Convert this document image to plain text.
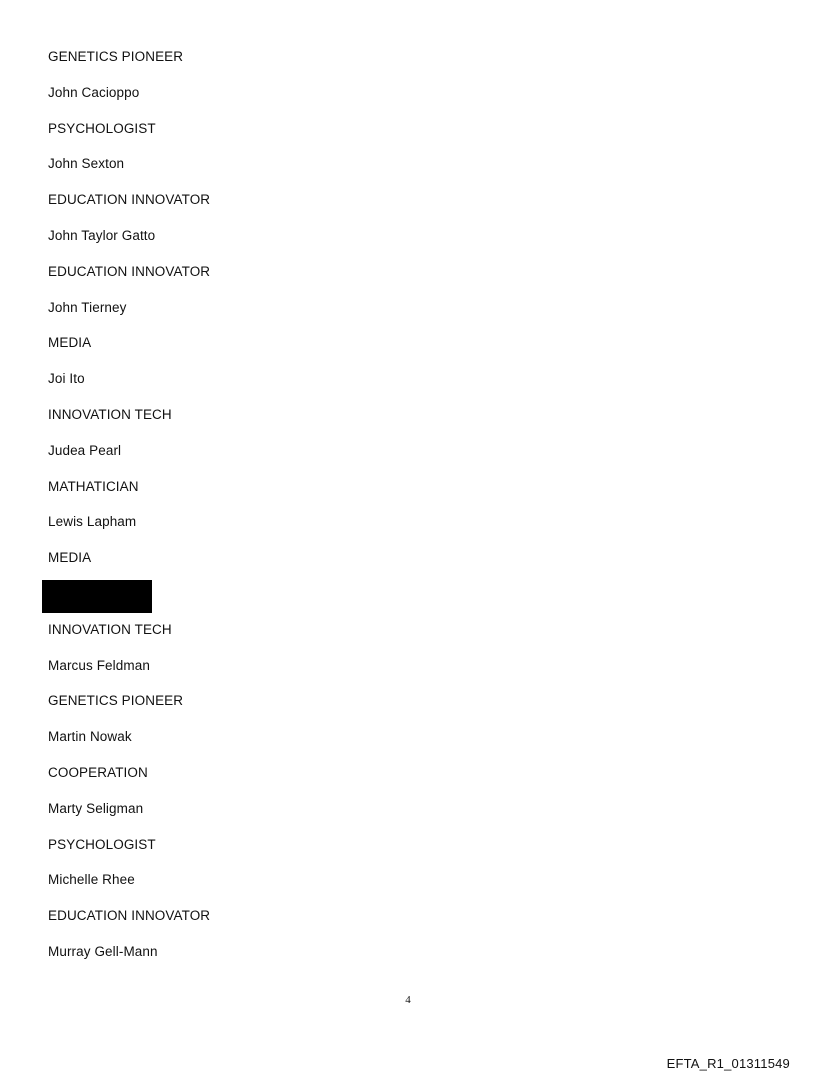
GENETICS PIONEER
John Cacioppo
PSYCHOLOGIST
John Sexton
EDUCATION INNOVATOR
John Taylor Gatto
EDUCATION INNOVATOR
John Tierney
MEDIA
Joi Ito
INNOVATION TECH
Judea Pearl
MATHATICIAN
Lewis Lapham
MEDIA
INNOVATION TECH
Marcus Feldman
GENETICS PIONEER
Martin Nowak
COOPERATION
Marty Seligman
PSYCHOLOGIST
Michelle Rhee
EDUCATION INNOVATOR
Murray Gell-Mann
4
EFTA_R1_01311549
